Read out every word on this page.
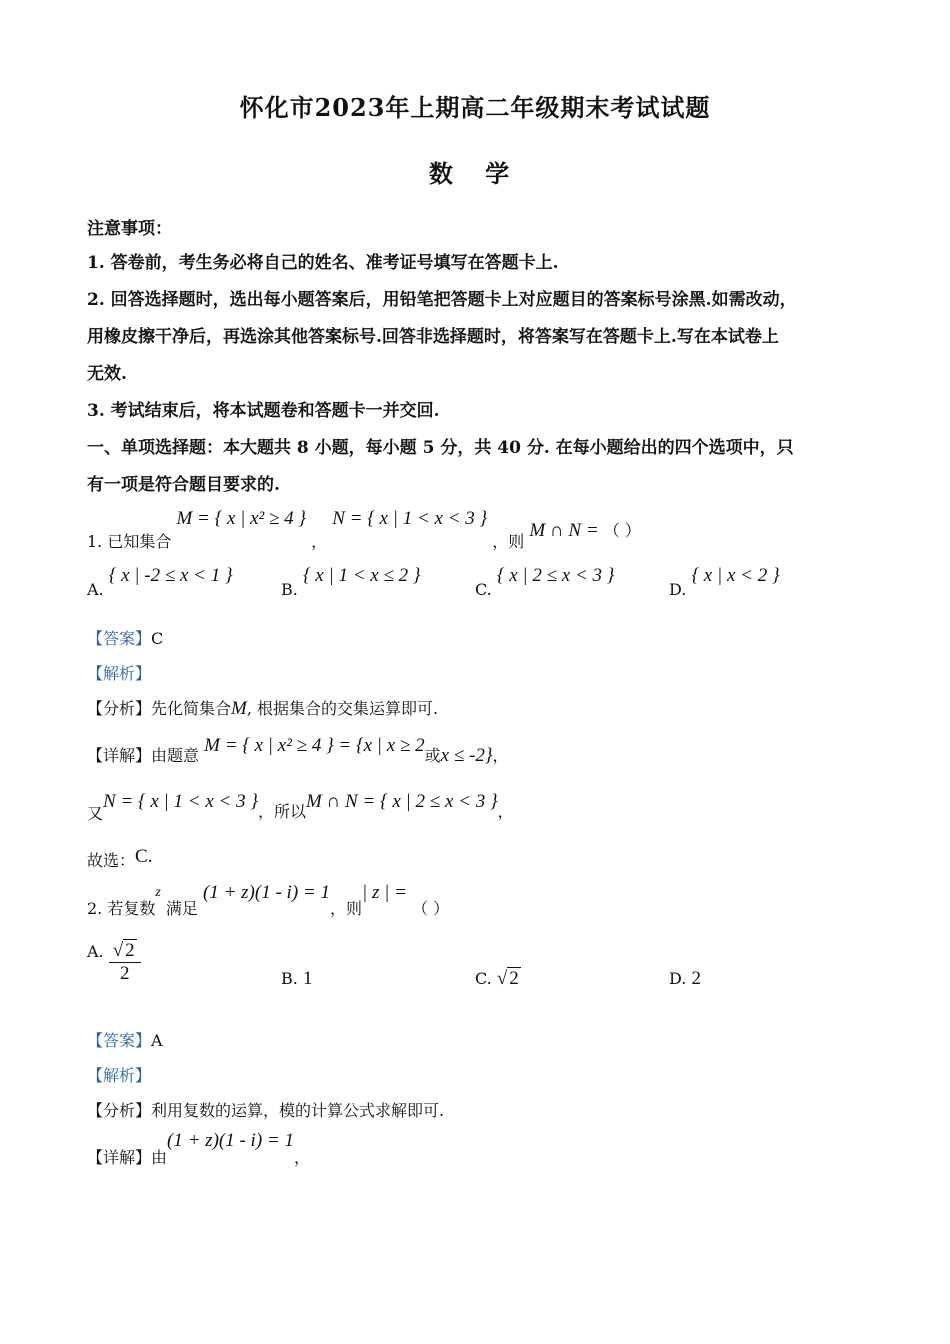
怀化市2023年上期高二年级期末考试试题
数 学
注意事项：
1. 答卷前，考生务必将自己的姓名、准考证号填写在答题卡上.
2. 回答选择题时，选出每小题答案后，用铅笔把答题卡上对应题目的答案标号涂黑.如需改动，
用橡皮擦干净后，再选涂其他答案标号.回答非选择题时，将答案写在答题卡上.写在本试卷上
无效.
3. 考试结束后，将本试题卷和答题卡一并交回.
一、单项选择题：本大题共 8 小题，每小题 5 分，共 40 分. 在每小题给出的四个选项中，只
有一项是符合题目要求的.
1. 已知集合 M = { x | x² ≥ 4 } ， N = { x | 1 < x < 3 } ，则 M ∩ N = （ ）
A. { x | -2 ≤ x < 1 }
B. { x | 1 < x ≤ 2 }
C. { x | 2 ≤ x < 3 }
D. { x | x < 2 }
【答案】C
【解析】
【分析】先化简集合M, 根据集合的交集运算即可.
【详解】由题意 M = { x | x² ≥ 4 } = {x | x ≥ 2或x ≤ -2}，
又N = { x | 1 < x < 3 }，所以M ∩ N = { x | 2 ≤ x < 3 }，
故选：C.
2. 若复数z 满足 (1 + z)(1 - i) = 1，则| z | = （ ）
A. $\frac{√ 2}{2}$	B. 1	C. √ 2	D. 2
【答案】A
【解析】
【分析】利用复数的运算，模的计算公式求解即可.
【详解】由(1 + z)(1 - i) = 1，
